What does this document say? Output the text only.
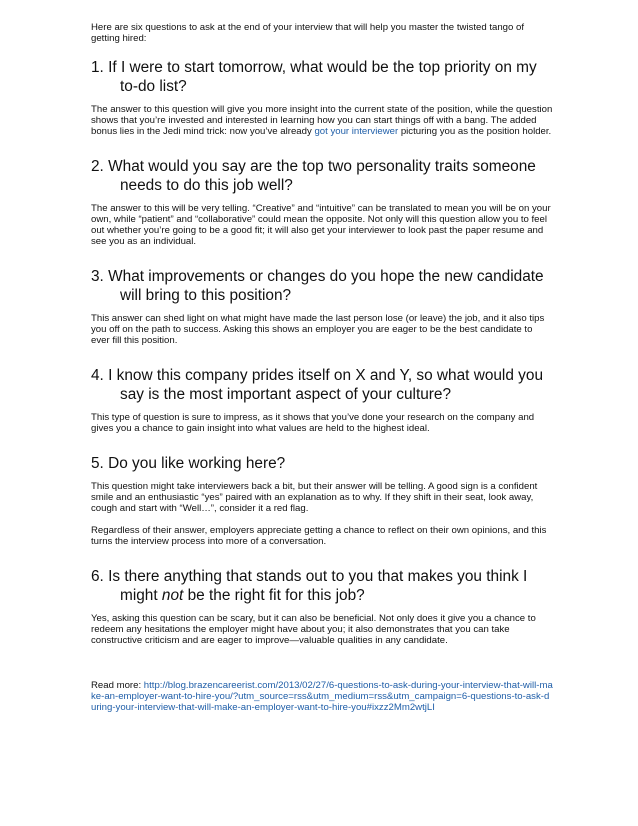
Here are six questions to ask at the end of your interview that will help you master the twisted tango of getting hired:

1. If I were to start tomorrow, what would be the top priority on my to-do list?

The answer to this question will give you more insight into the current state of the position, while the question shows that you’re invested and interested in learning how you can start things off with a bang. The added bonus lies in the Jedi mind trick: now you’ve already got your interviewer picturing you as the position holder.

2. What would you say are the top two personality traits someone needs to do this job well?

The answer to this will be very telling. “Creative” and “intuitive” can be translated to mean you will be on your own, while “patient” and “collaborative” could mean the opposite. Not only will this question allow you to feel out whether you’re going to be a good fit; it will also get your interviewer to look past the paper resume and see you as an individual.

3. What improvements or changes do you hope the new candidate will bring to this position?

This answer can shed light on what might have made the last person lose (or leave) the job, and it also tips you off on the path to success. Asking this shows an employer you are eager to be the best candidate to ever fill this position.

4. I know this company prides itself on X and Y, so what would you say is the most important aspect of your culture?

This type of question is sure to impress, as it shows that you’ve done your research on the company and gives you a chance to gain insight into what values are held to the highest ideal.

5. Do you like working here?

This question might take interviewers back a bit, but their answer will be telling. A good sign is a confident smile and an enthusiastic “yes” paired with an explanation as to why. If they shift in their seat, look away, cough and start with “Well…”, consider it a red flag.

Regardless of their answer, employers appreciate getting a chance to reflect on their own opinions, and this turns the interview process into more of a conversation.

6. Is there anything that stands out to you that makes you think I might not be the right fit for this job?

Yes, asking this question can be scary, but it can also be beneficial. Not only does it give you a chance to redeem any hesitations the employer might have about you; it also demonstrates that you can take constructive criticism and are eager to improve—valuable qualities in any candidate.

Read more: http://blog.brazencareerist.com/2013/02/27/6-questions-to-ask-during-your-interview-that-will-make-an-employer-want-to-hire-you/?utm_source=rss&utm_medium=rss&utm_campaign=6-questions-to-ask-during-your-interview-that-will-make-an-employer-want-to-hire-you#ixzz2Mm2wtjLI
